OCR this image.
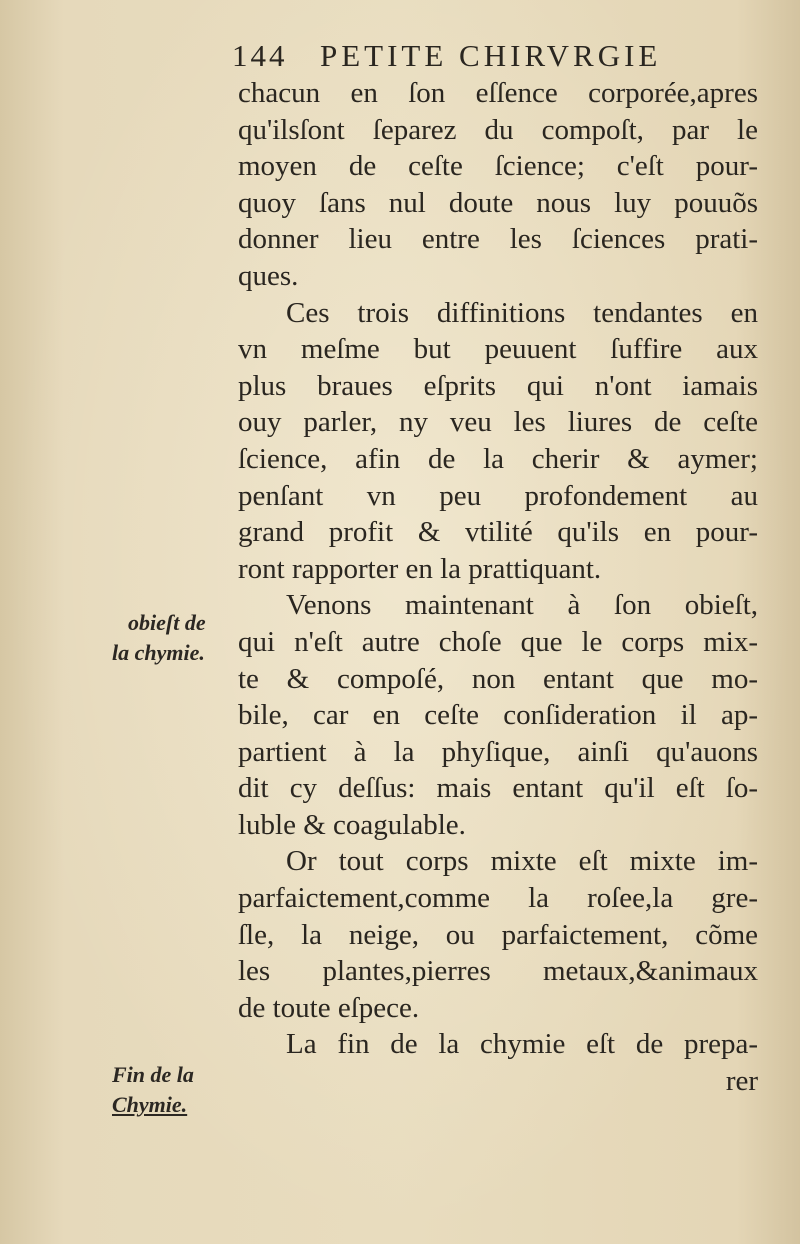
144 PETITE CHIRVRGIE
chacun en ſon eſſence corporée,apres
qu'ilsſont ſeparez du compoſt, par le
moyen de ceſte ſcience; c'eſt pour-
quoy ſans nul doute nous luy pouuõs
donner lieu entre les ſciences prati-
ques.
Ces trois diffinitions tendantes en
vn meſme but peuuent ſuffire aux
plus braues eſprits qui n'ont iamais
ouy parler, ny veu les liures de ceſte
ſcience, afin de la cherir & aymer;
penſant vn peu profondement au
grand profit & vtilité qu'ils en pour-
ront rapporter en la prattiquant.
Venons maintenant à ſon obieſt,
qui n'eſt autre choſe que le corps mix-
te & compoſé, non entant que mo-
bile, car en ceſte conſideration il ap-
partient à la phyſique, ainſi qu'auons
dit cy deſſus: mais entant qu'il eſt ſo-
luble & coagulable.
Or tout corps mixte eſt mixte im-
parfaictement,comme la roſee,la gre-
ſle, la neige, ou parfaictement, cõme
les plantes,pierres metaux,&animaux
de toute eſpece.
La fin de la chymie eſt de prepa-
rer
obieſt de
la chymie.
Fin de la
Chymie.
